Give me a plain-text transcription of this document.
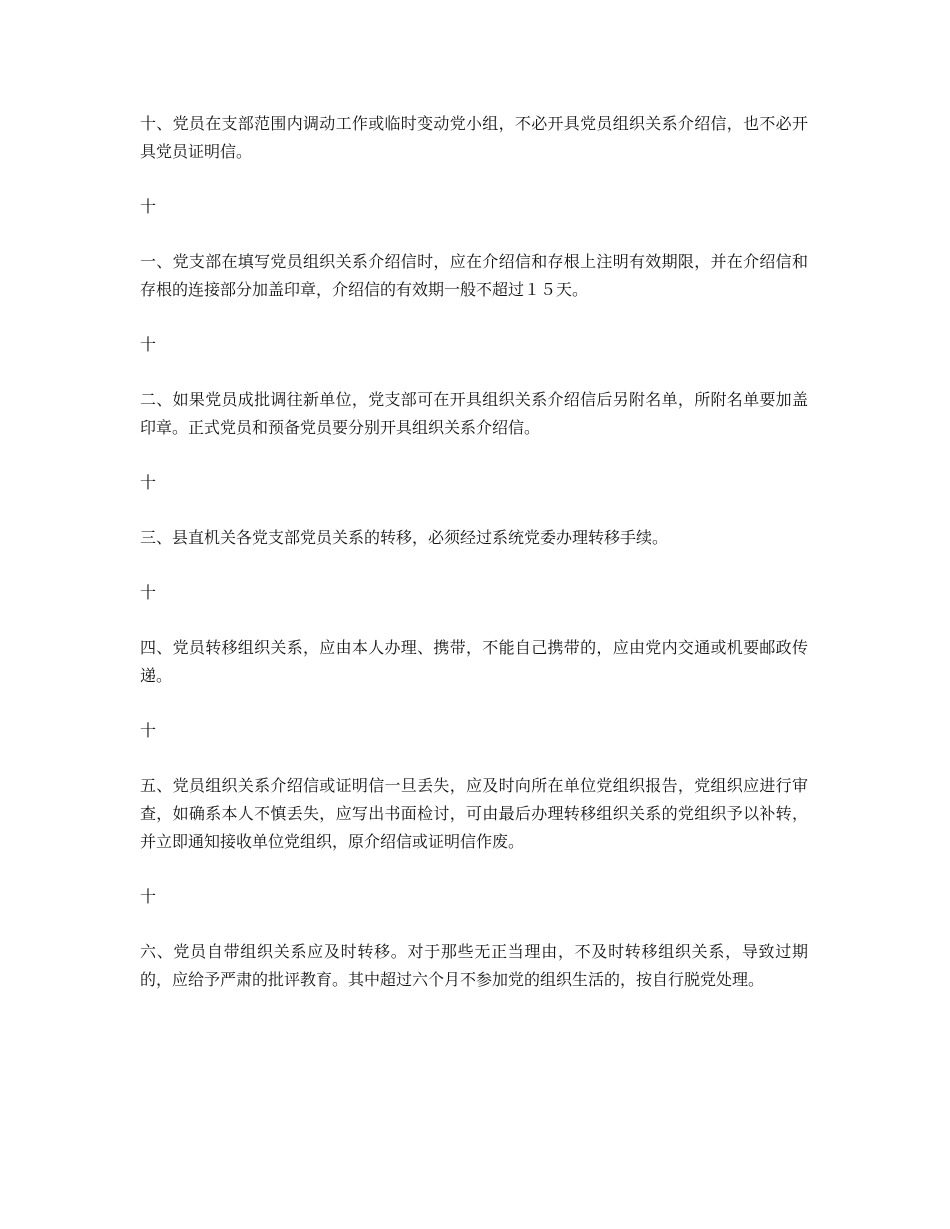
十、党员在支部范围内调动工作或临时变动党小组，不必开具党员组织关系介绍信，也不必开具党员证明信。

十

一、党支部在填写党员组织关系介绍信时，应在介绍信和存根上注明有效期限，并在介绍信和存根的连接部分加盖印章，介绍信的有效期一般不超过１５天。

十

二、如果党员成批调往新单位，党支部可在开具组织关系介绍信后另附名单，所附名单要加盖印章。正式党员和预备党员要分别开具组织关系介绍信。

十

三、县直机关各党支部党员关系的转移，必须经过系统党委办理转移手续。

十

四、党员转移组织关系，应由本人办理、携带，不能自己携带的，应由党内交通或机要邮政传递。

十

五、党员组织关系介绍信或证明信一旦丢失，应及时向所在单位党组织报告，党组织应进行审查，如确系本人不慎丢失，应写出书面检讨，可由最后办理转移组织关系的党组织予以补转，并立即通知接收单位党组织，原介绍信或证明信作废。

十

六、党员自带组织关系应及时转移。对于那些无正当理由，不及时转移组织关系，导致过期的，应给予严肃的批评教育。其中超过六个月不参加党的组织生活的，按自行脱党处理。
